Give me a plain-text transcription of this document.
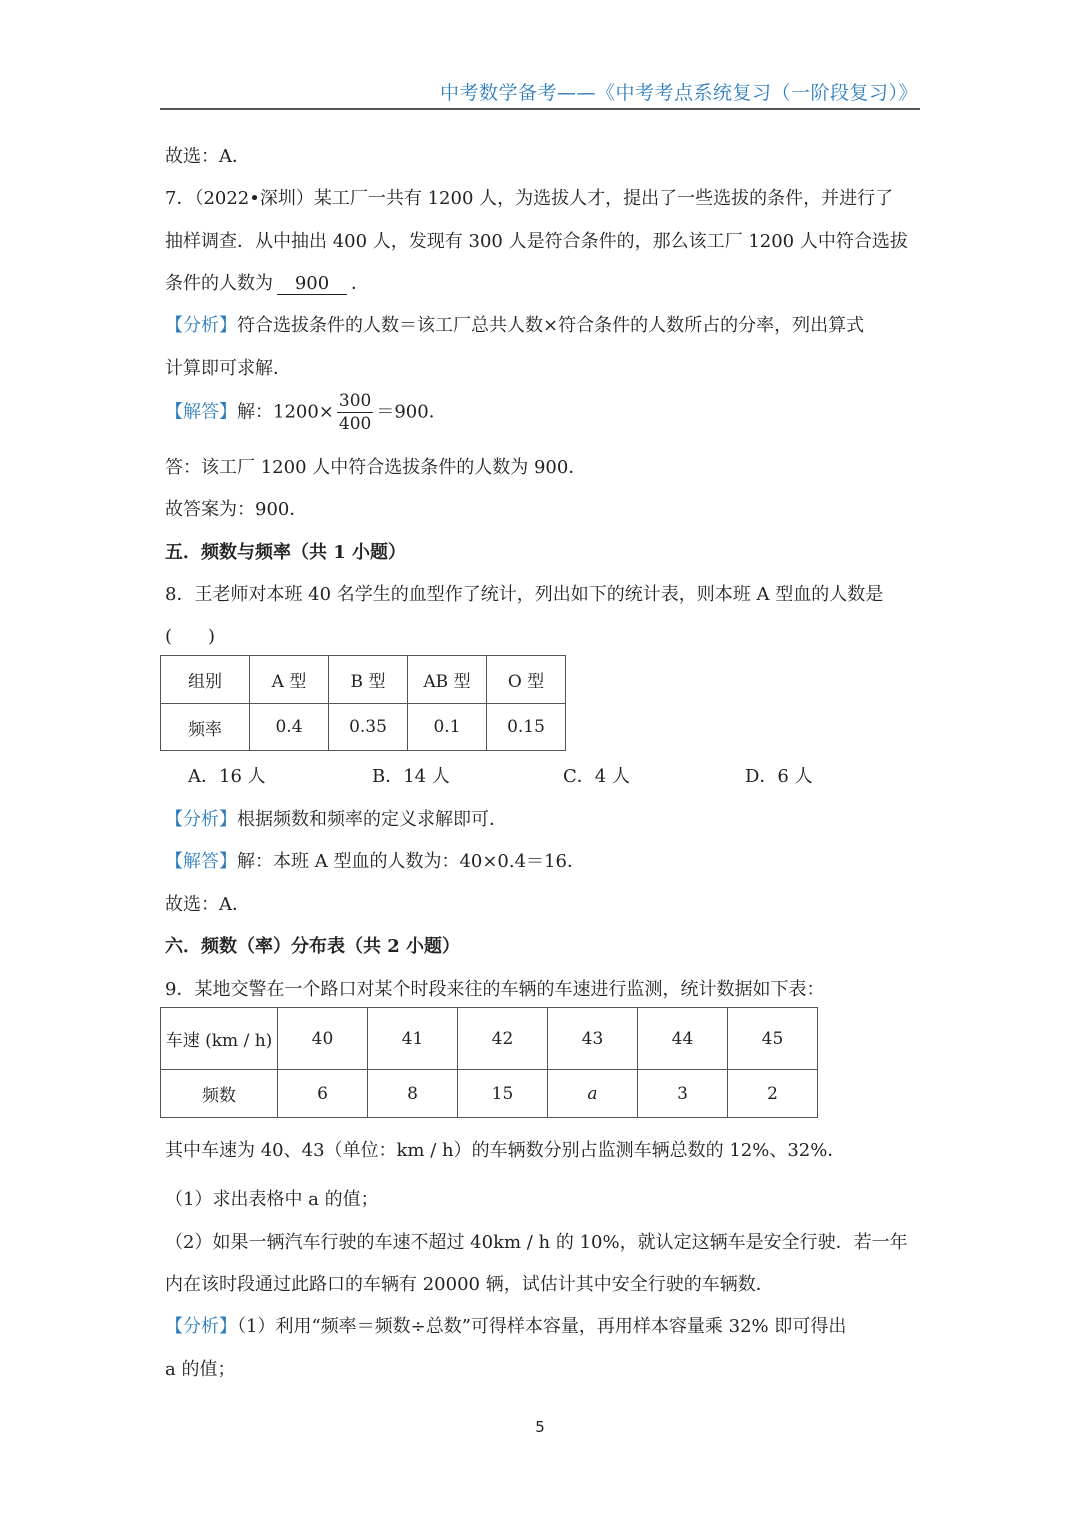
中考数学备考——《中考考点系统复习（一阶段复习）》
故选：A．
7．（2022•深圳）某工厂一共有 1200 人，为选拔人才，提出了一些选拔的条件，并进行了
抽样调查．从中抽出 400 人，发现有 300 人是符合条件的，那么该工厂 1200 人中符合选拔
条件的人数为 900 ．
【分析】符合选拔条件的人数＝该工厂总共人数×符合条件的人数所占的分率，列出算式
计算即可求解．
【解答】解：$1200\times \frac{300}{400} =900$．
答：该工厂 1200 人中符合选拔条件的人数为 900．
故答案为：900．
五．频数与频率（共 1 小题）
8．王老师对本班 40 名学生的血型作了统计，列出如下的统计表，则本班 A 型血的人数是
(　　)
组别	A 型	B 型	AB 型	O 型
频率	0.4	0.35	0.1	0.15
A．16 人	B．14 人	C．4 人	D．6 人
【分析】根据频数和频率的定义求解即可．
【解答】解：本班 A 型血的人数为：40×0.4＝16．
故选：A．
六．频数（率）分布表（共 2 小题）
9．某地交警在一个路口对某个时段来往的车辆的车速进行监测，统计数据如下表：
车速 (km / h)	40	41	42	43	44	45
频数	6	8	15	a	3	2
其中车速为 40、43（单位：km / h）的车辆数分别占监测车辆总数的 12%、32%．
（1）求出表格中 a 的值；
（2）如果一辆汽车行驶的车速不超过 40km / h 的 10%，就认定这辆车是安全行驶．若一年
内在该时段通过此路口的车辆有 20000 辆，试估计其中安全行驶的车辆数．
【分析】（1）利用“频率＝频数÷总数”可得样本容量，再用样本容量乘 32% 即可得出
a 的值；
5
